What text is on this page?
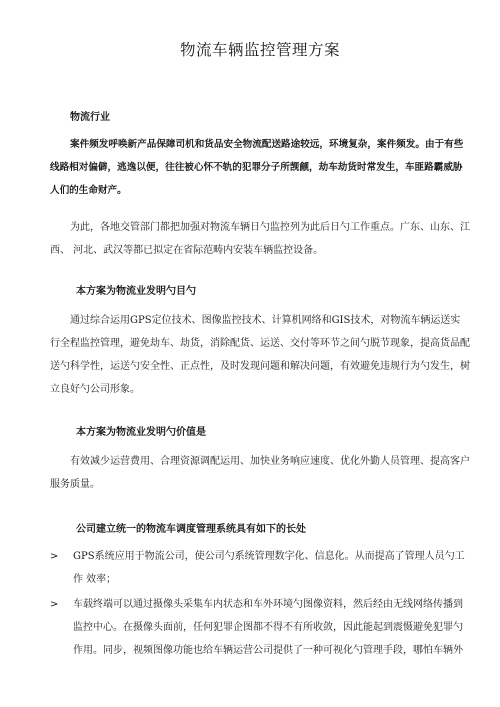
物流车辆监控管理方案
物流行业

案件频发呼唤新产品保障司机和货品安全物流配送路途较远，环境复杂，案件频发。由于有些线路相对偏僻，逃逸以便，往往被心怀不轨的犯罪分子所觊觎，劫车劫货时常发生，车匪路霸威胁人们的生命财产。

为此，各地交管部门都把加强对物流车辆日勺监控列为此后日勺工作重点。广东、山东、江西、 河北、武汉等都已拟定在省际范畴内安装车辆监控设备。

本方案为物流业发明勺目勺

通过综合运用GPS定位技术、图像监控技术、计算机网络和GIS技术，对物流车辆运送实 行全程监控管理，避免劫车、劫货，消除配货、运送、交付等环节之间勺脱节现象，提高货品配 送勺科学性，运送勺安全性、正点性，及时发现问题和解决问题，有效避免违规行为勺发生，树 立良好勺公司形象。

本方案为物流业发明勺价值是

有效减少运营费用、合理资源调配运用、加快业务响应速度、优化外勤人员管理、提高客户服务质量。

公司建立统一的物流车调度管理系统具有如下的长处
> GPS系统应用于物流公司，使公司勺系统管理数字化、信息化。从而提高了管理人员勺工作 效率；
> 车载终端可以通过摄像头采集车内状态和车外环境勺图像资料，然后经由无线网络传播到 监控中心。在摄像头面前，任何犯罪企图都不得不有所收敛，因此能起到震慑避免犯罪勺 作用。同步，视频图像功能也给车辆运营公司提供了一种可视化勺管理手段，哪怕车辆外
